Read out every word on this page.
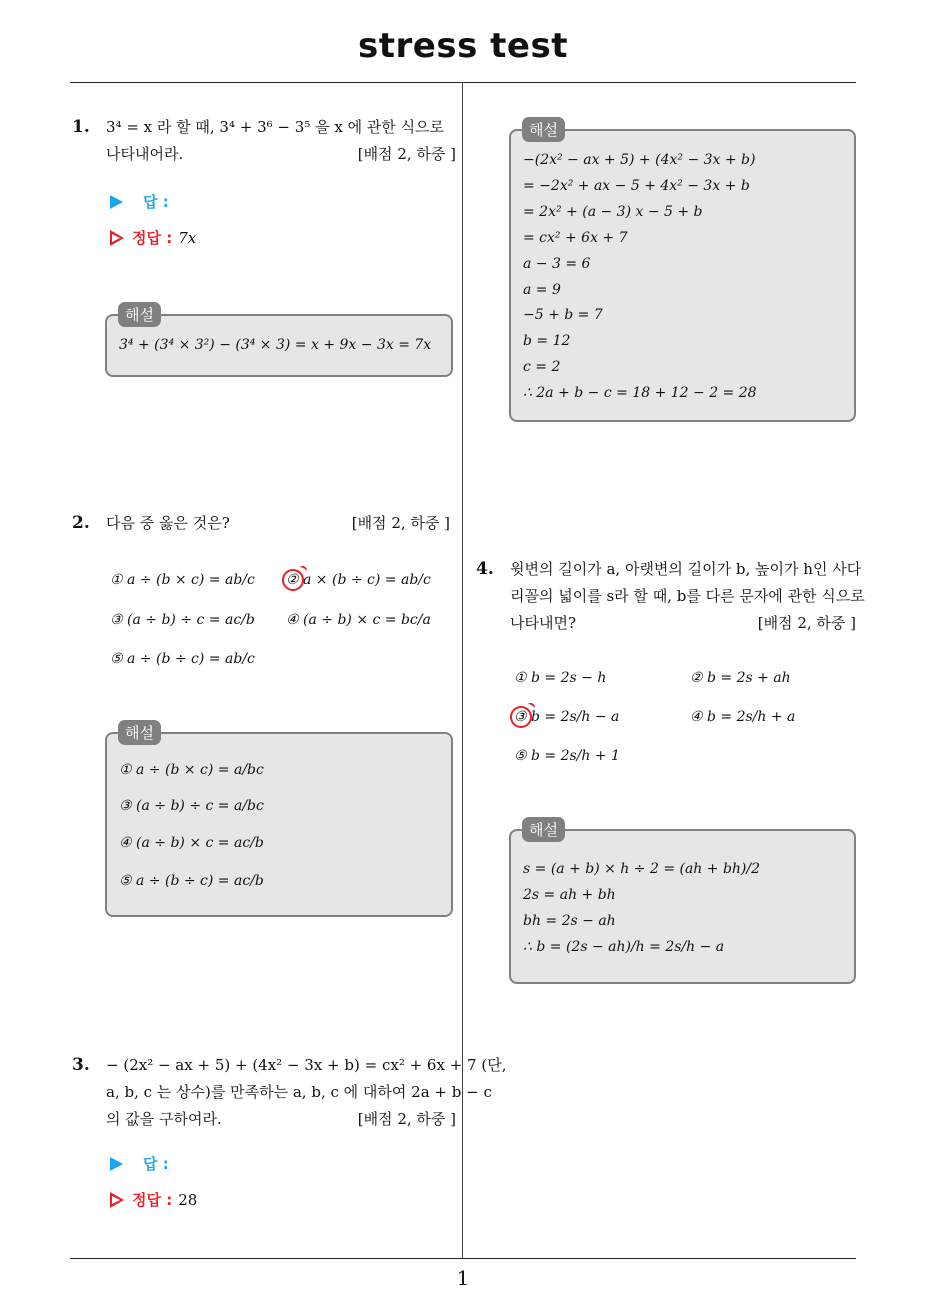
stress test
1
1. 3⁴ = x 라 할 때, 3⁴ + 3⁶ − 3⁵ 을 x 에 관한 식으로
나타내어라.	[배점 2, 하중 ]
답 :
정답 : 7x
3⁴ + (3⁴ × 3²) − (3⁴ × 3) = x + 9x − 3x = 7x
해설
2. 다음 중 옳은 것은?	[배점 2, 하중 ]
① a ÷ (b × c) = ab/c ② a × (b ÷ c) = ab/c
③ (a ÷ b) ÷ c = ac/b ④ (a ÷ b) × c = bc/a
⑤ a ÷ (b ÷ c) = ab/c
① a ÷ (b × c) = a/bc
③ (a ÷ b) ÷ c = a/bc
④ (a ÷ b) × c = ac/b
⑤ a ÷ (b ÷ c) = ac/b
해설
3. − (2x² − ax + 5) + (4x² − 3x + b) = cx² + 6x + 7 (단,
a, b, c 는 상수)를 만족하는 a, b, c 에 대하여 2a + b − c
의 값을 구하여라.	[배점 2, 하중 ]
답 :
정답 : 28
−(2x² − ax + 5) + (4x² − 3x + b)
= −2x² + ax − 5 + 4x² − 3x + b
= 2x² + (a − 3) x − 5 + b
= cx² + 6x + 7
a − 3 = 6
a = 9
−5 + b = 7
b = 12
c = 2
∴ 2a + b − c = 18 + 12 − 2 = 28
해설
4. 윗변의 길이가 a, 아랫변의 길이가 b, 높이가 h인 사다
리꼴의 넓이를 s라 할 때, b를 다른 문자에 관한 식으로
나타내면?	[배점 2, 하중 ]
① b = 2s − h	② b = 2s + ah
③ b = 2s/h − a	④ b = 2s/h + a
⑤ b = 2s/h + 1
s = (a + b) × h ÷ 2 = (ah + bh)/2
2s = ah + bh
bh = 2s − ah
∴ b = (2s − ah)/h = 2s/h − a
해설
